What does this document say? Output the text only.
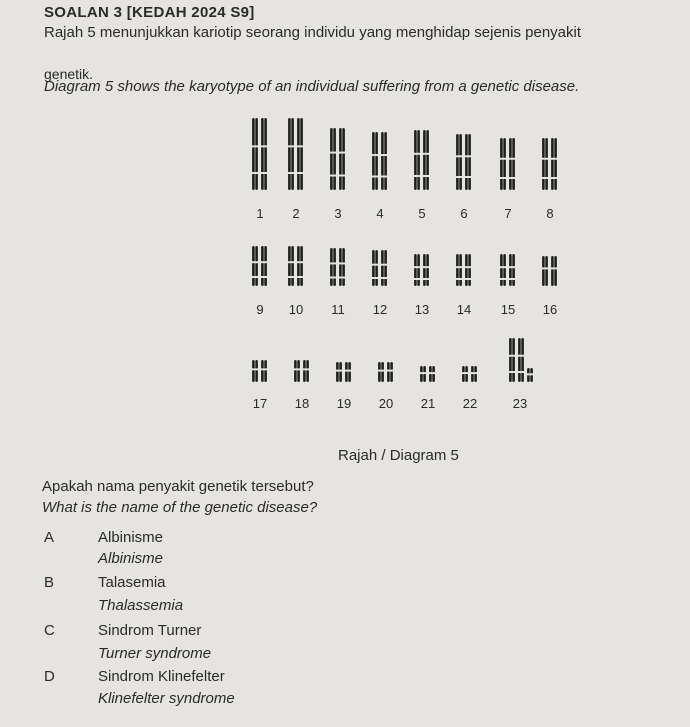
SOALAN 3 [KEDAH 2024 S9]
Rajah 5 menunjukkan kariotip seorang individu yang menghidap sejenis penyakit
genetik.
Diagram 5 shows the karyotype of an individual suffering from a genetic disease.
1 2	3	4	5	6	7	8
9 10 11 12 13 14 15 16
17 18 19 20 21 22	23
Rajah / Diagram 5
Apakah nama penyakit genetik tersebut?
What is the name of the genetic disease?
A	Albinisme
Albinisme
B	Talasemia
Thalassemia
C	Sindrom Turner
Turner syndrome
D	Sindrom Klinefelter
Klinefelter syndrome
